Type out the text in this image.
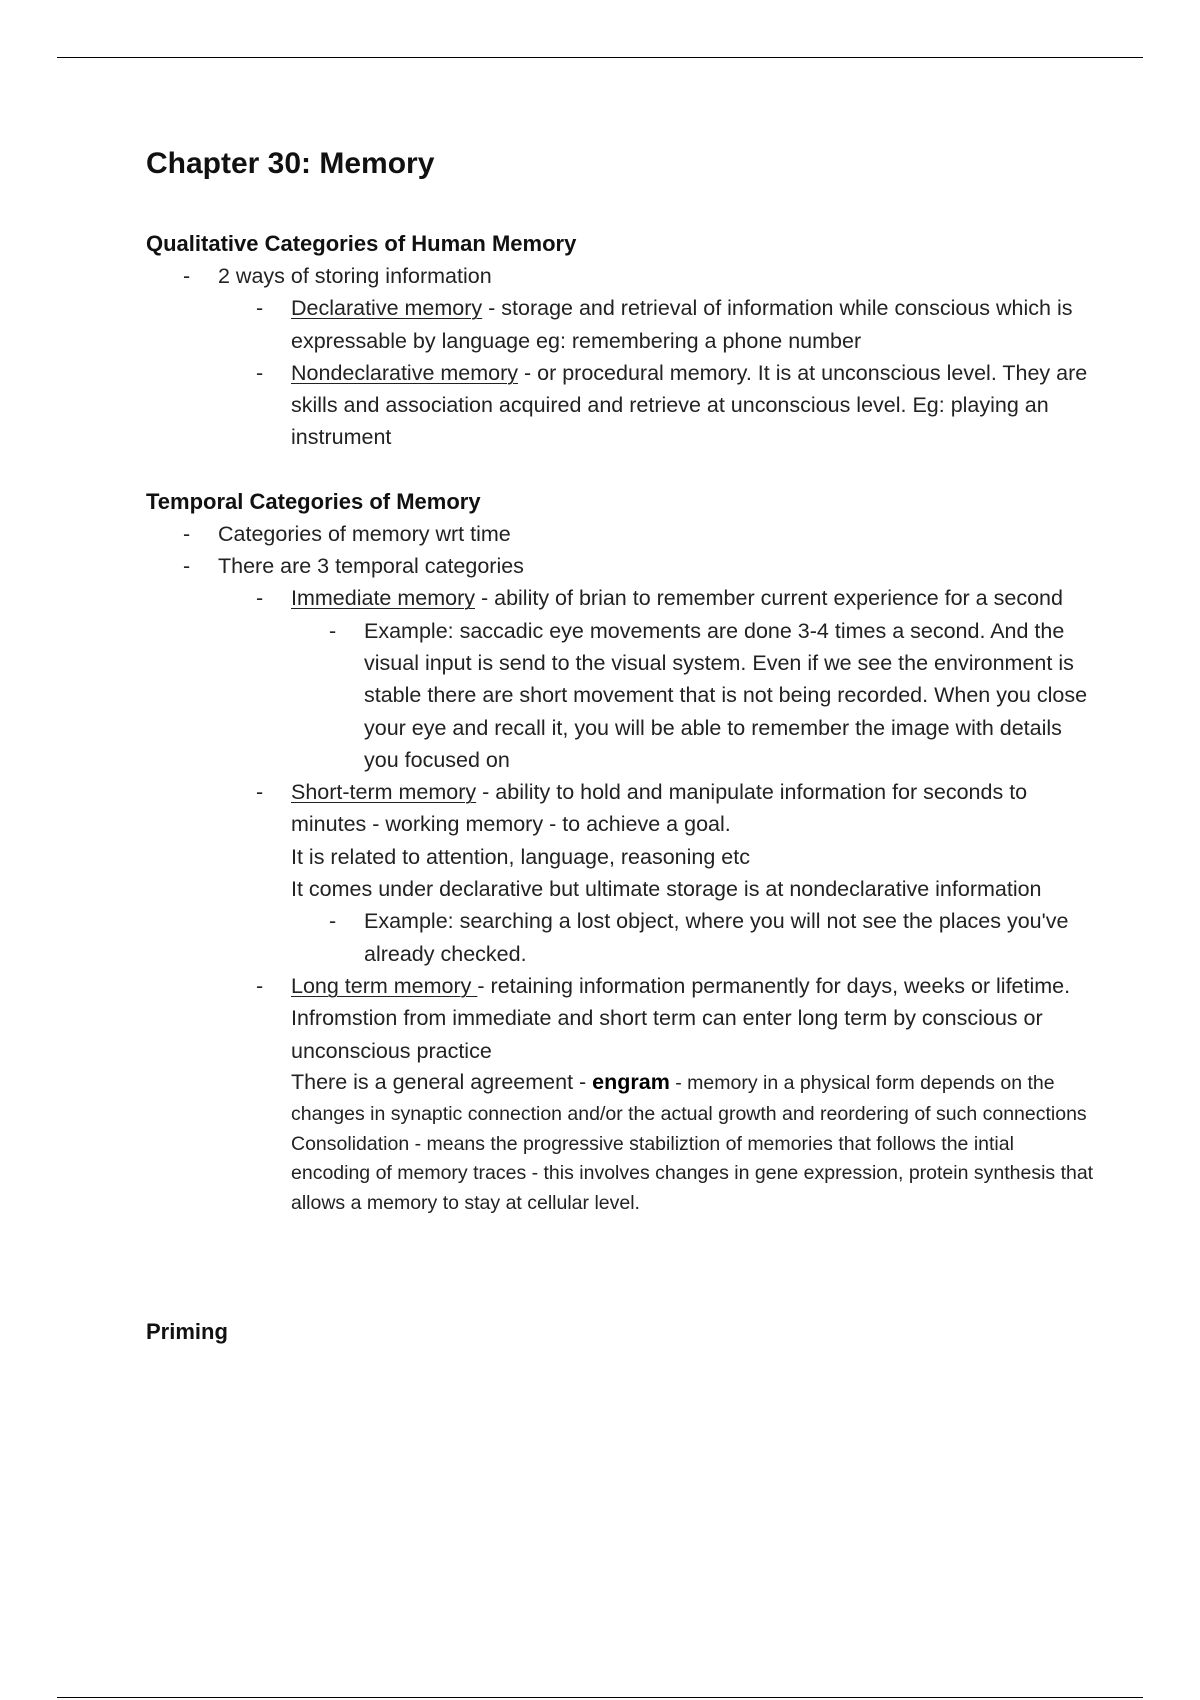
Chapter 30: Memory
Qualitative Categories of Human Memory
- 2 ways of storing information
- Declarative memory - storage and retrieval of information while conscious which is expressable by language eg: remembering a phone number
- Nondeclarative memory - or procedural memory. It is at unconscious level. They are skills and association acquired and retrieve at unconscious level. Eg: playing an instrument
Temporal Categories of Memory
- Categories of memory wrt time
- There are 3 temporal categories
- Immediate memory - ability of brian to remember current experience for a second
- Example: saccadic eye movements are done 3-4 times a second. And the visual input is send to the visual system. Even if we see the environment is stable there are short movement that is not being recorded. When you close your eye and recall it, you will be able to remember the image with details you focused on
- Short-term memory - ability to hold and manipulate information for seconds to minutes - working memory - to achieve a goal.
It is related to attention, language, reasoning etc
It comes under declarative but ultimate storage is at nondeclarative information
- Example: searching a lost object, where you will not see the places you've already checked.
- Long term memory - retaining information permanently for days, weeks or lifetime.
Infromstion from immediate and short term can enter long term by conscious or unconscious practice
There is a general agreement - engram - memory in a physical form depends on the changes in synaptic connection and/or the actual growth and reordering of such connections
Consolidation - means the progressive stabiliztion of memories that follows the intial encoding of memory traces - this involves changes in gene expression, protein synthesis that allows a memory to stay at cellular level.
Priming
